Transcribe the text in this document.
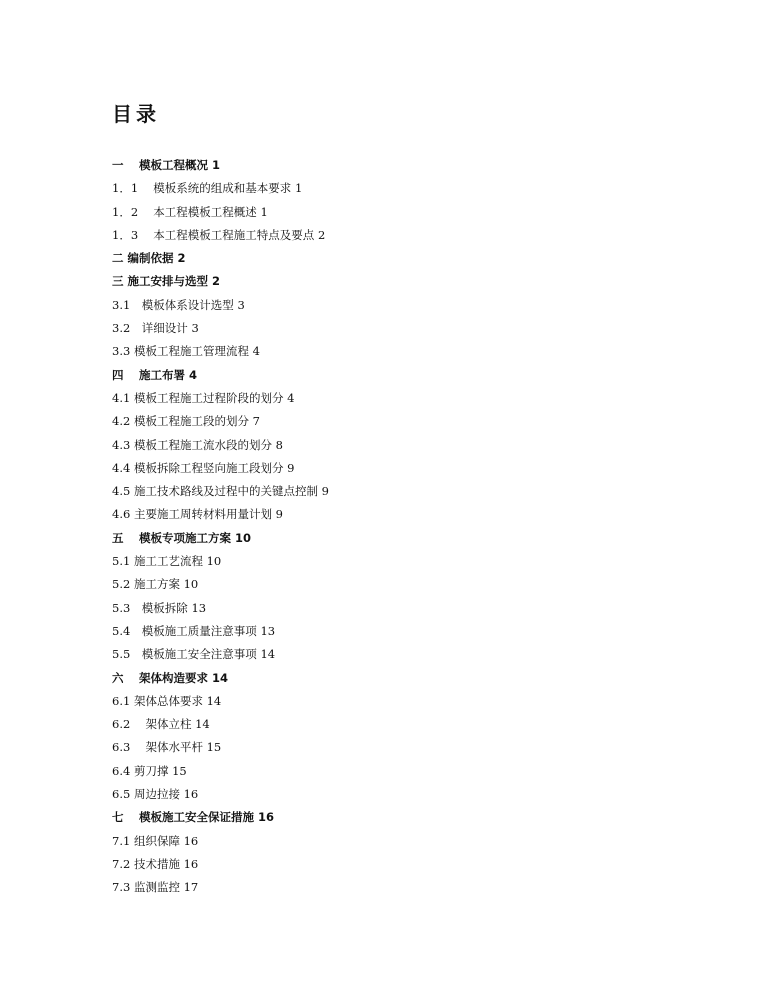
目录
一　 模板工程概况 1
1．1　 模板系统的组成和基本要求 1
1．2　 本工程模板工程概述 1
1．3　 本工程模板工程施工特点及要点 2
二 编制依据 2
三 施工安排与选型 2
3.1　模板体系设计选型 3
3.2　详细设计 3
3.3 模板工程施工管理流程 4
四　 施工布署 4
4.1 模板工程施工过程阶段的划分 4
4.2 模板工程施工段的划分 7
4.3 模板工程施工流水段的划分 8
4.4 模板拆除工程竖向施工段划分 9
4.5 施工技术路线及过程中的关键点控制 9
4.6 主要施工周转材料用量计划 9
五　 模板专项施工方案 10
5.1 施工工艺流程 10
5.2 施工方案 10
5.3　模板拆除 13
5.4　模板施工质量注意事项 13
5.5　模板施工安全注意事项 14
六　 架体构造要求 14
6.1 架体总体要求 14
6.2　 架体立柱 14
6.3　 架体水平杆 15
6.4 剪刀撑 15
6.5 周边拉接 16
七　 模板施工安全保证措施 16
7.1 组织保障 16
7.2 技术措施 16
7.3 监测监控 17
